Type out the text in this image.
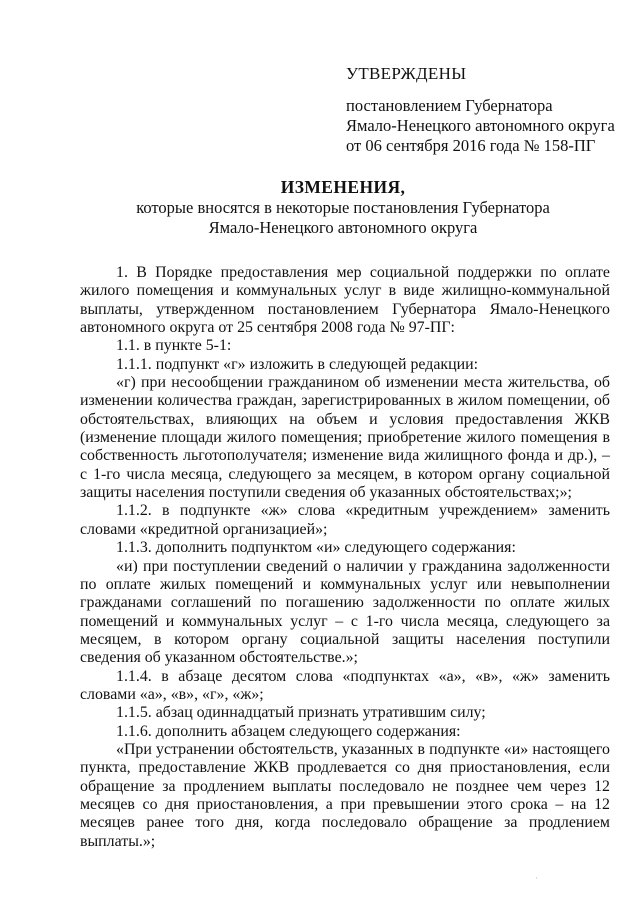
УТВЕРЖДЕНЫ
постановлением Губернатора
Ямало-Ненецкого автономного округа
от 06 сентября 2016 года № 158-ПГ
ИЗМЕНЕНИЯ,
которые вносятся в некоторые постановления Губернатора
Ямало-Ненецкого автономного округа

1. В Порядке предоставления мер социальной поддержки по оплате жилого помещения и коммунальных услуг в виде жилищно-коммунальной выплаты, утвержденном постановлением Губернатора Ямало-Ненецкого автономного округа от 25 сентября 2008 года № 97-ПГ:

1.1. в пункте 5-1:

1.1.1. подпункт «г» изложить в следующей редакции:

«г) при несообщении гражданином об изменении места жительства, об изменении количества граждан, зарегистрированных в жилом помещении, об обстоятельствах, влияющих на объем и условия предоставления ЖКВ (изменение площади жилого помещения; приобретение жилого помещения в собственность льготополучателя; изменение вида жилищного фонда и др.), – с 1-го числа месяца, следующего за месяцем, в котором органу социальной защиты населения поступили сведения об указанных обстоятельствах;»;

1.1.2. в подпункте «ж» слова «кредитным учреждением» заменить словами «кредитной организацией»;

1.1.3. дополнить подпунктом «и» следующего содержания:

«и) при поступлении сведений о наличии у гражданина задолженности по оплате жилых помещений и коммунальных услуг или невыполнении гражданами соглашений по погашению задолженности по оплате жилых помещений и коммунальных услуг – с 1-го числа месяца, следующего за месяцем, в котором органу социальной защиты населения поступили сведения об указанном обстоятельстве.»;

1.1.4. в абзаце десятом слова «подпунктах «а», «в», «ж» заменить словами «а», «в», «г», «ж»;

1.1.5. абзац одиннадцатый признать утратившим силу;

1.1.6. дополнить абзацем следующего содержания:

«При устранении обстоятельств, указанных в подпункте «и» настоящего пункта, предоставление ЖКВ продлевается со дня приостановления, если обращение за продлением выплаты последовало не позднее чем через 12 месяцев со дня приостановления, а при превышении этого срока – на 12 месяцев ранее того дня, когда последовало обращение за продлением выплаты.»;

·
